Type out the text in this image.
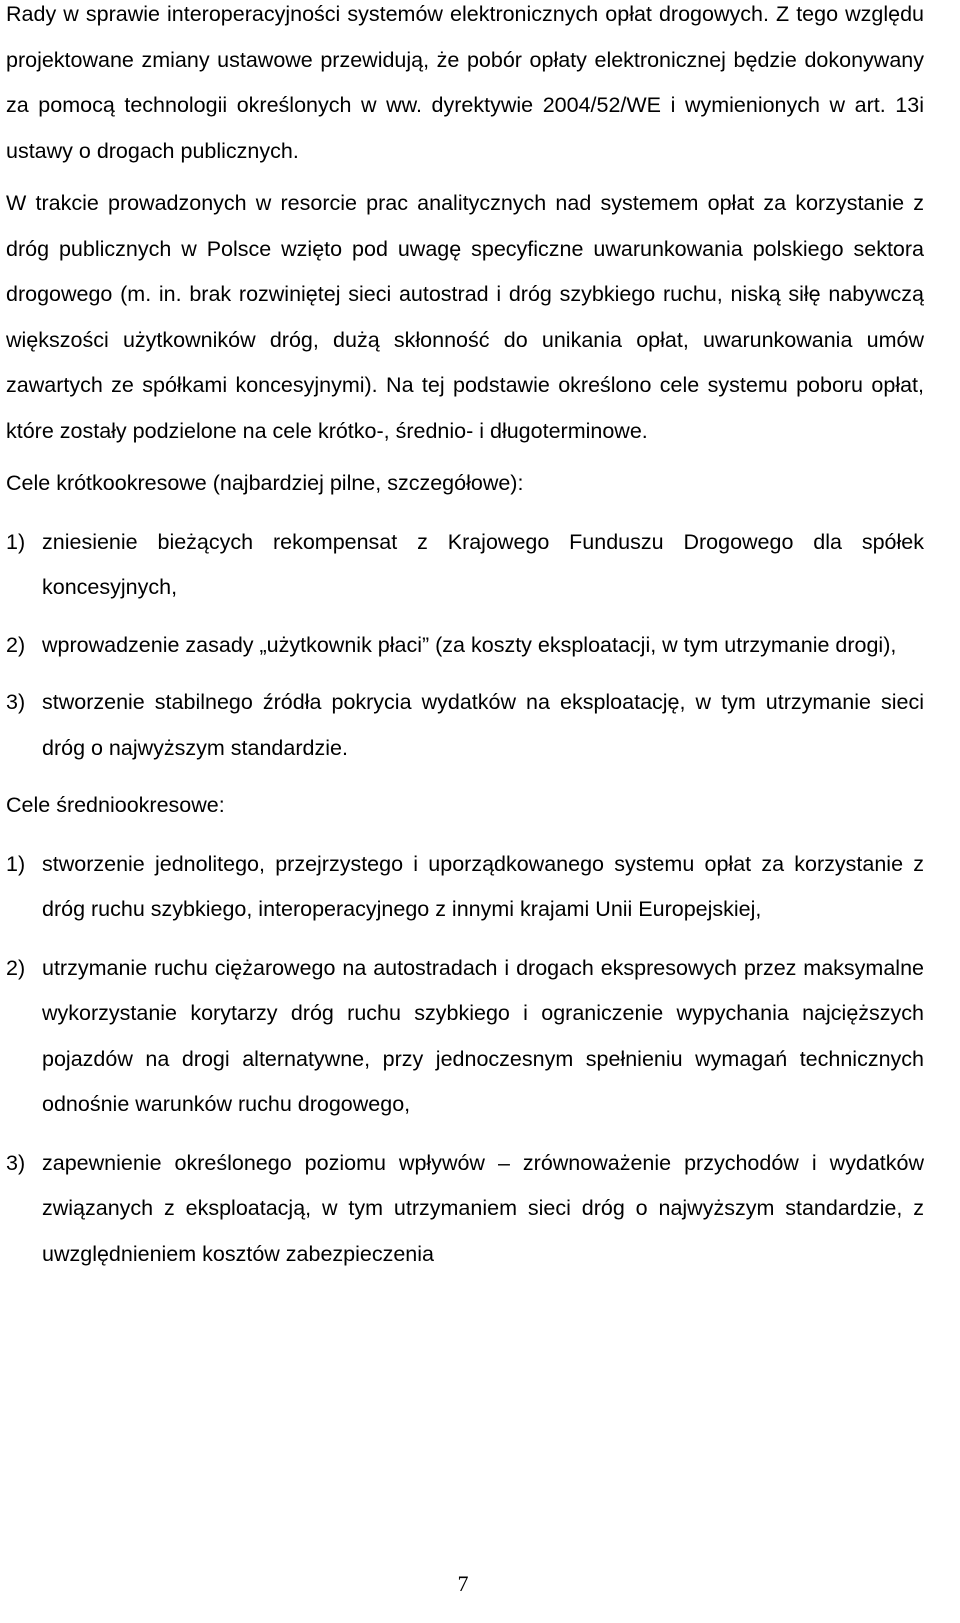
Rady w sprawie interoperacyjności systemów elektronicznych opłat drogowych. Z tego względu projektowane zmiany ustawowe przewidują, że pobór opłaty elektronicznej będzie dokonywany za pomocą technologii określonych w ww. dyrektywie 2004/52/WE i wymienionych w art. 13i ustawy o drogach publicznych.

W trakcie prowadzonych w resorcie prac analitycznych nad systemem opłat za korzystanie z dróg publicznych w Polsce wzięto pod uwagę specyficzne uwarunkowania polskiego sektora drogowego (m. in. brak rozwiniętej sieci autostrad i dróg szybkiego ruchu, niską siłę nabywczą większości użytkowników dróg, dużą skłonność do unikania opłat, uwarunkowania umów zawartych ze spółkami koncesyjnymi). Na tej podstawie określono cele systemu poboru opłat, które zostały podzielone na cele krótko-, średnio- i długoterminowe.

Cele krótkookresowe (najbardziej pilne, szczegółowe):
1) zniesienie bieżących rekompensat z Krajowego Funduszu Drogowego dla spółek koncesyjnych,
2) wprowadzenie zasady „użytkownik płaci” (za koszty eksploatacji, w tym utrzymanie drogi),
3) stworzenie stabilnego źródła pokrycia wydatków na eksploatację, w tym utrzymanie sieci dróg o najwyższym standardzie.
Cele średniookresowe:
1) stworzenie jednolitego, przejrzystego i uporządkowanego systemu opłat za korzystanie z dróg ruchu szybkiego, interoperacyjnego z innymi krajami Unii Europejskiej,
2) utrzymanie ruchu ciężarowego na autostradach i drogach ekspresowych przez maksymalne wykorzystanie korytarzy dróg ruchu szybkiego i ograniczenie wypychania najcięższych pojazdów na drogi alternatywne, przy jednoczesnym spełnieniu wymagań technicznych odnośnie warunków ruchu drogowego,
3) zapewnienie określonego poziomu wpływów – zrównoważenie przychodów i wydatków związanych z eksploatacją, w tym utrzymaniem sieci dróg o najwyższym standardzie, z uwzględnieniem kosztów zabezpieczenia
7
